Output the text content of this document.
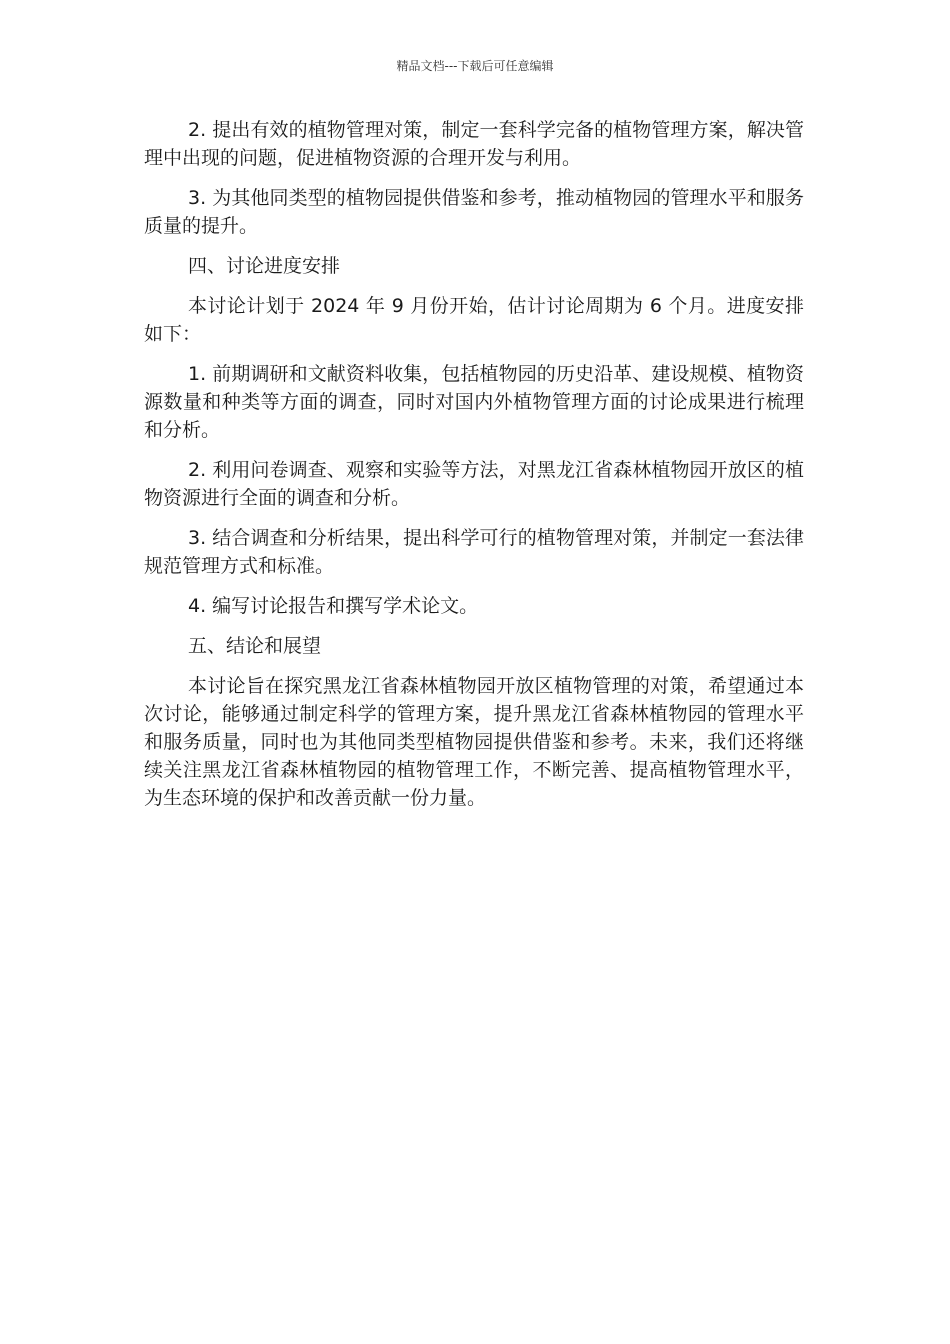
精品文档---下载后可任意编辑

2. 提出有效的植物管理对策，制定一套科学完备的植物管理方案，解决管理中出现的问题，促进植物资源的合理开发与利用。

3. 为其他同类型的植物园提供借鉴和参考，推动植物园的管理水平和服务质量的提升。

四、讨论进度安排

本讨论计划于 2024 年 9 月份开始，估计讨论周期为 6 个月。进度安排如下：

1. 前期调研和文献资料收集，包括植物园的历史沿革、建设规模、植物资源数量和种类等方面的调查，同时对国内外植物管理方面的讨论成果进行梳理和分析。

2. 利用问卷调查、观察和实验等方法，对黑龙江省森林植物园开放区的植物资源进行全面的调查和分析。

3. 结合调查和分析结果，提出科学可行的植物管理对策，并制定一套法律规范管理方式和标准。

4. 编写讨论报告和撰写学术论文。

五、结论和展望

本讨论旨在探究黑龙江省森林植物园开放区植物管理的对策，希望通过本次讨论，能够通过制定科学的管理方案，提升黑龙江省森林植物园的管理水平和服务质量，同时也为其他同类型植物园提供借鉴和参考。未来，我们还将继续关注黑龙江省森林植物园的植物管理工作，不断完善、提高植物管理水平，为生态环境的保护和改善贡献一份力量。
